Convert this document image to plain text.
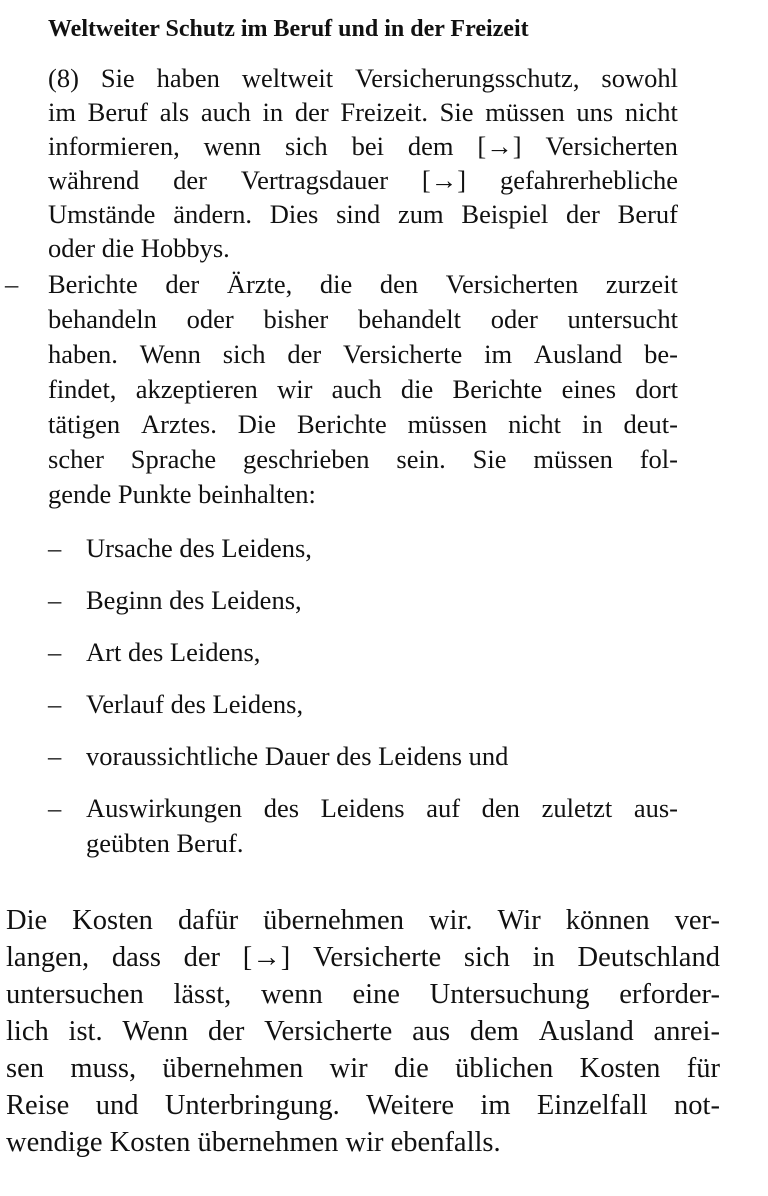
Weltweiter Schutz im Beruf und in der Freizeit
(8) Sie haben weltweit Versicherungsschutz, sowohl
im Beruf als auch in der Freizeit. Sie müssen uns nicht
informieren, wenn sich bei dem [→] Versicherten
während der Vertragsdauer [→] gefahrerhebliche
Umstände ändern. Dies sind zum Beispiel der Beruf
oder die Hobbys.
– Berichte der Ärzte, die den Versicherten zurzeit
behandeln oder bisher behandelt oder untersucht
haben. Wenn sich der Versicherte im Ausland be-
findet, akzeptieren wir auch die Berichte eines dort
tätigen Arztes. Die Berichte müssen nicht in deut-
scher Sprache geschrieben sein. Sie müssen fol-
gende Punkte beinhalten:
– Ursache des Leidens,
– Beginn des Leidens,
– Art des Leidens,
– Verlauf des Leidens,
– voraussichtliche Dauer des Leidens und
– Auswirkungen des Leidens auf den zuletzt aus-
geübten Beruf.
Die Kosten dafür übernehmen wir. Wir können ver-
langen, dass der [→] Versicherte sich in Deutschland
untersuchen lässt, wenn eine Untersuchung erforder-
lich ist. Wenn der Versicherte aus dem Ausland anrei-
sen muss, übernehmen wir die üblichen Kosten für
Reise und Unterbringung. Weitere im Einzelfall not-
wendige Kosten übernehmen wir ebenfalls.
